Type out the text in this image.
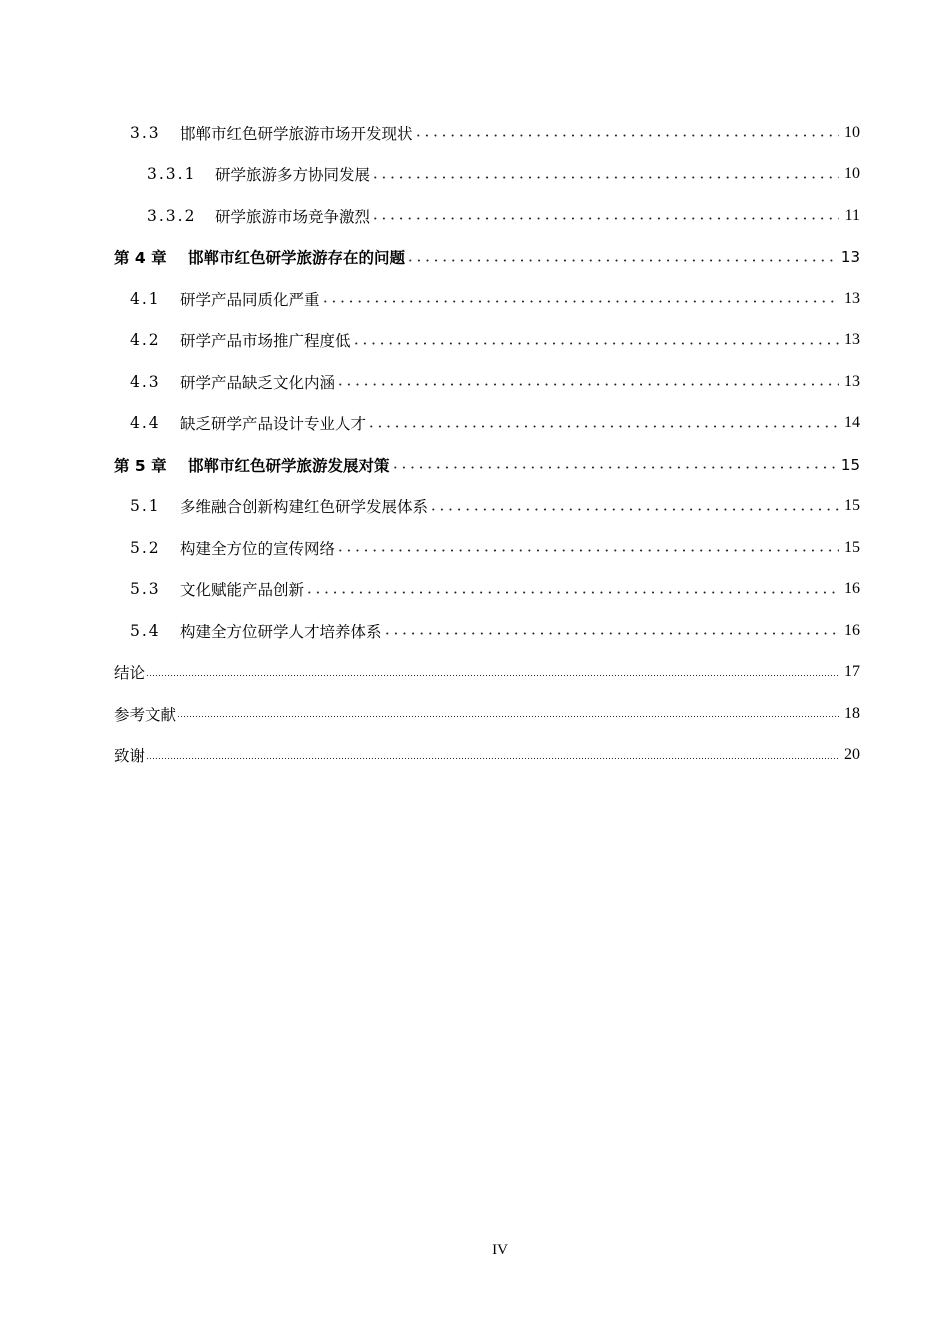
3.3	邯郸市红色研学旅游市场开发现状	10
3.3.1	研学旅游多方协同发展	10
3.3.2	研学旅游市场竞争激烈	11
第 4 章	邯郸市红色研学旅游存在的问题	13
4.1	研学产品同质化严重	13
4.2	研学产品市场推广程度低	13
4.3	研学产品缺乏文化内涵	13
4.4	缺乏研学产品设计专业人才	14
第 5 章	邯郸市红色研学旅游发展对策	15
5.1	多维融合创新构建红色研学发展体系	15
5.2	构建全方位的宣传网络	15
5.3	文化赋能产品创新	16
5.4	构建全方位研学人才培养体系	16
结论	17
参考文献	18
致谢	20
IV
